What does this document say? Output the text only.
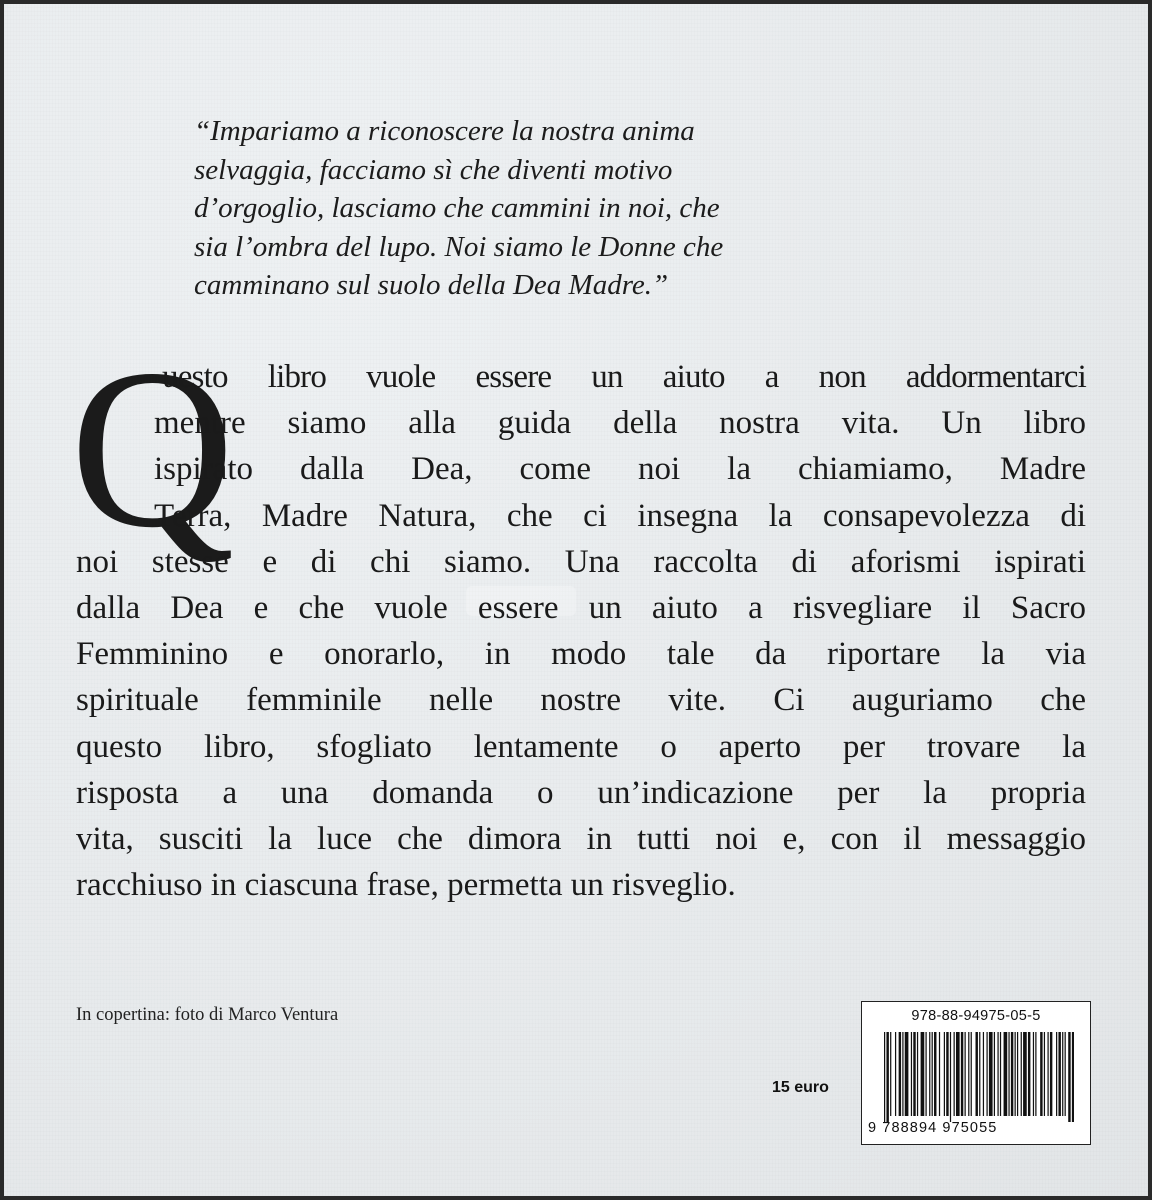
“Impariamo a riconoscere la nostra anima
selvaggia, facciamo sì che diventi motivo
d’orgoglio, lasciamo che cammini in noi, che
sia l’ombra del lupo. Noi siamo le Donne che
camminano sul suolo della Dea Madre.”

Q

uesto libro vuole essere un aiuto a non addormentarci
mentre siamo alla guida della nostra vita. Un libro
ispirato dalla Dea, come noi la chiamiamo, Madre
Terra, Madre Natura, che ci insegna la consapevolezza di
noi stesse e di chi siamo. Una raccolta di aforismi ispirati
dalla Dea e che vuole essere un aiuto a risvegliare il Sacro
Femminino e onorarlo, in modo tale da riportare la via
spirituale femminile nelle nostre vite. Ci auguriamo che
questo libro, sfogliato lentamente o aperto per trovare la
risposta a una domanda o un’indicazione per la propria
vita, susciti la luce che dimora in tutti noi e, con il messaggio
racchiuso in ciascuna frase, permetta un risveglio.

In copertina: foto di Marco Ventura
15 euro
978-88-94975-05-5
9 788894 975055
